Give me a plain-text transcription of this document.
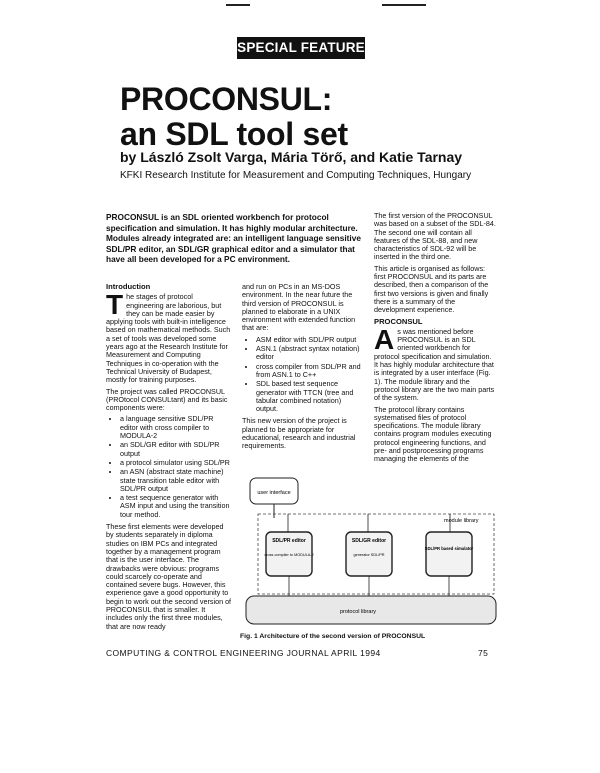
SPECIAL FEATURE
PROCONSUL:
an SDL tool set
by László Zsolt Varga, Mária Törő, and Katie Tarnay
KFKI Research Institute for Measurement and Computing Techniques, Hungary
PROCONSUL is an SDL oriented workbench for protocol specification and simulation. It has highly modular architecture. Modules already integrated are: an intelligent language sensitive SDL/PR editor, an SDL/GR graphical editor and a simulator that have all been developed for a PC environment.
Introduction

The stages of protocol engineering are laborious, but they can be made easier by applying tools with built-in intelligence based on mathematical methods. Such a set of tools was developed some years ago at the Research Institute for Measurement and Computing Techniques in co-operation with the Technical University of Budapest, mostly for training purposes.

The project was called PROCONSUL (PROtocol CONSULtant) and its basic components were:

• a language sensitive SDL/PR editor with cross compiler to MODULA-2
• an SDL/GR editor with SDL/PR output
• a protocol simulator using SDL/PR
• an ASN (abstract state machine) state transition table editor with SDL/PR output
• a test sequence generator with ASM input and using the transition tour method.

These first elements were developed by students separately in diploma studies on IBM PCs and integrated together by a management program that is the user interface. The drawbacks were obvious: programs could scarcely co-operate and contained severe bugs. However, this experience gave a good opportunity to begin to work out the second version of PROCONSUL that is smaller. It includes only the first three modules, that are now ready

and run on PCs in an MS-DOS environment. In the near future the third version of PROCONSUL is planned to elaborate in a UNIX environment with extended function that are:

• ASM editor with SDL/PR output
• ASN.1 (abstract syntax notation) editor
• cross compiler from SDL/PR and from ASN.1 to C++
• SDL based test sequence generator with TTCN (tree and tabular combined notation) output.

This new version of the project is planned to be appropriate for educational, research and industrial requirements.

The first version of the PROCONSUL was based on a subset of the SDL-84. The second one will contain all features of the SDL-88, and new characteristics of SDL-92 will be inserted in the third one.

This article is organised as follows: first PROCONSUL and its parts are described, then a comparison of the first two versions is given and finally there is a summary of the development experience.

PROCONSUL

As was mentioned before PROCONSUL is an SDL oriented workbench for protocol specification and simulation. It has highly modular architecture that is integrated by a user interface (Fig. 1). The module library and the protocol library are the two main parts of the system.

The protocol library contains systematised files of protocol specifications. The module library contains program modules executing protocol engineering functions, and pre- and postprocessing programs managing the elements of the

user interface
module library
SDL/PR editor
cross compiler to MODULA-2
SDL/GR editor
generator SDL/PR
SDL/PR based simulator
protocol library
Fig. 1 Architecture of the second version of PROCONSUL
COMPUTING & CONTROL ENGINEERING JOURNAL APRIL 1994	75
